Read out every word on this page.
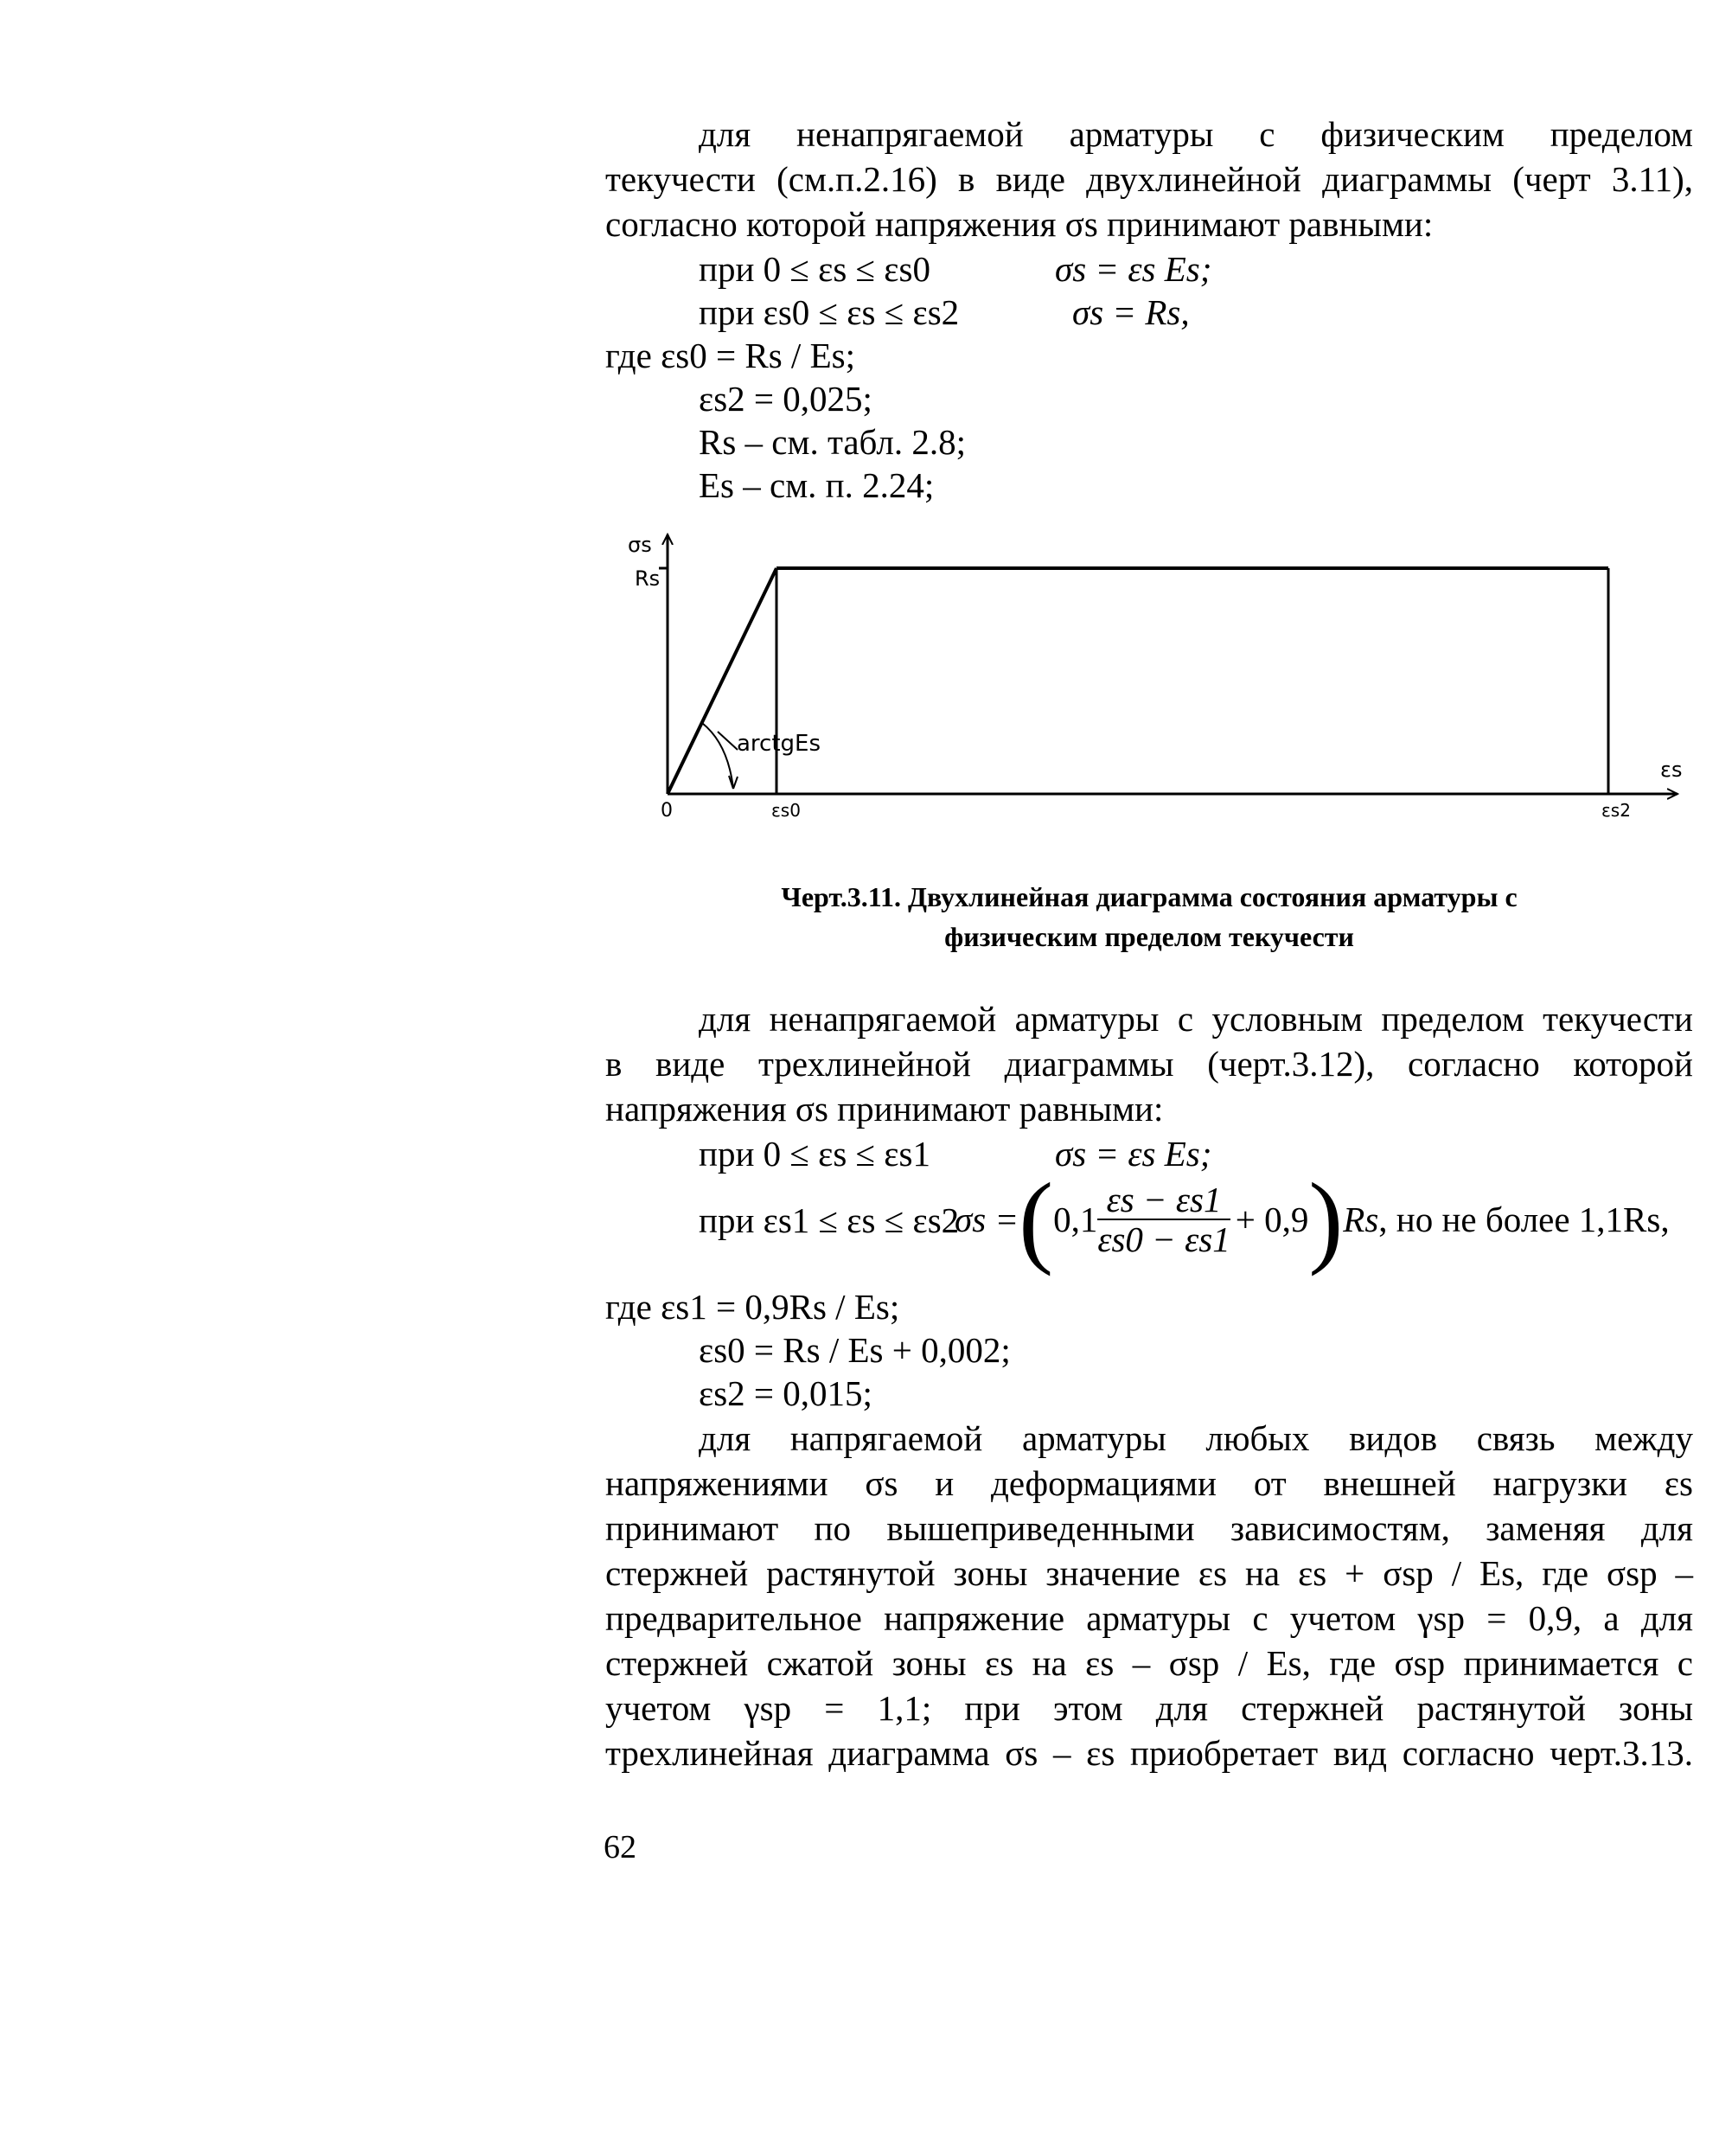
для ненапрягаемой арматуры с физическим пределом
текучести (см.п.2.16) в виде двухлинейной диаграммы (черт 3.11),
согласно которой напряжения σs принимают равными:
при 0 ≤ εs ≤ εs0	σs = εs Es;
при εs0 ≤ εs ≤ εs2	σs = Rs,
где εs0 = Rs / Es;
εs2 = 0,025;
Rs – см. табл. 2.8;
Es – см. п. 2.24;
σs
Rs
arctgEs
εs
0	εs0	εs2
Черт.3.11. Двухлинейная диаграмма состояния арматуры с
физическим пределом текучести
для ненапрягаемой арматуры с условным пределом текучести
в виде трехлинейной диаграммы (черт.3.12), согласно которой
напряжения σs принимают равными:
при 0 ≤ εs ≤ εs1	σs = εs Es;
при εs1 ≤ εs ≤ εs2
σs = ( $0,1 \frac{\varepsilon s - \varepsilon s1}{\varepsilon s0 - \varepsilon s1} + 0,9$ ) Rs , но не более 1,1Rs,
где εs1 = 0,9Rs / Es;
εs0 = Rs / Es + 0,002;
εs2 = 0,015;
для напрягаемой арматуры любых видов связь между
напряжениями σs и деформациями от внешней нагрузки εs
принимают по вышеприведенными зависимостям, заменяя для
стержней растянутой зоны значение εs на εs + σsp / Es, где σsp –
предварительное напряжение арматуры с учетом γsp = 0,9, а для
стержней сжатой зоны εs на εs – σsp / Es, где σsp принимается с
учетом γsp = 1,1; при этом для стержней растянутой зоны
трехлинейная диаграмма σs – εs приобретает вид согласно черт.3.13.
62
